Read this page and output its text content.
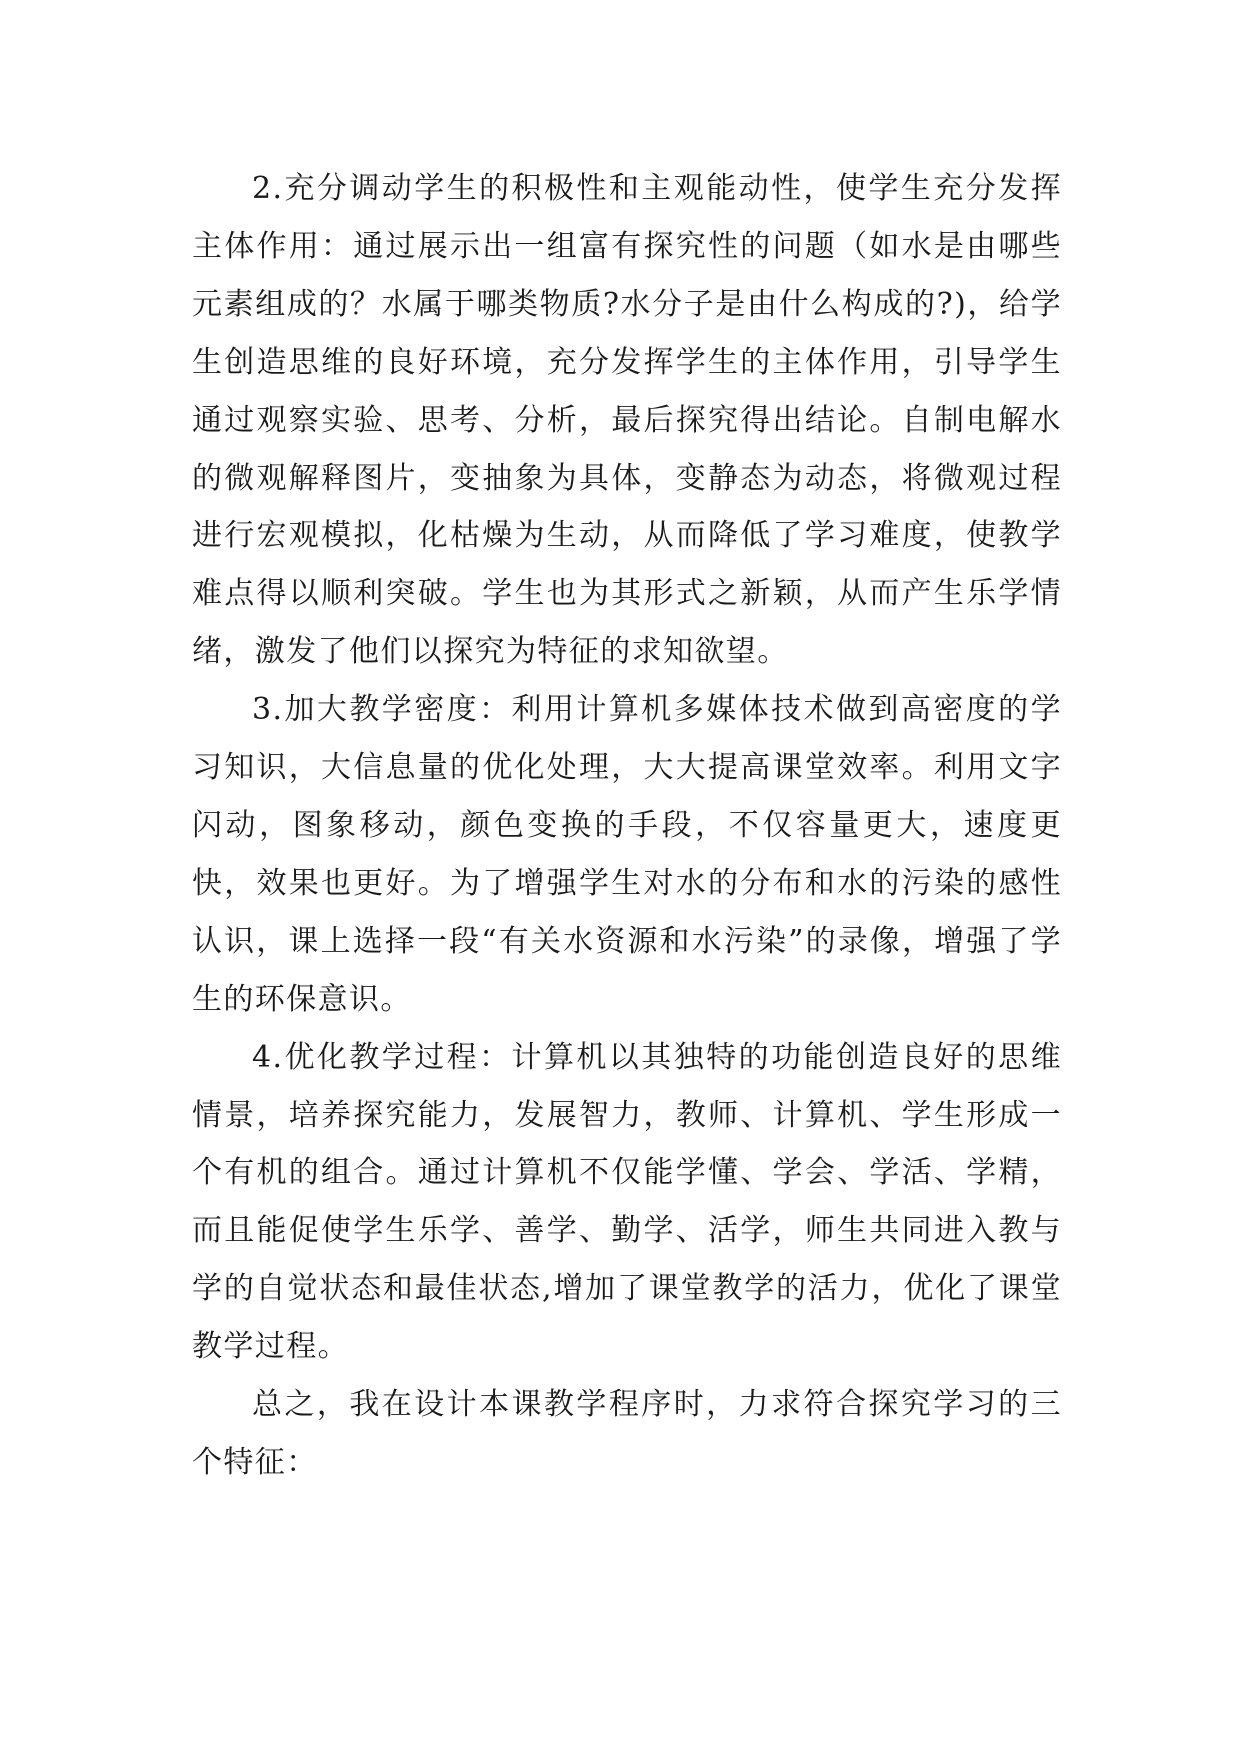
2.充分调动学生的积极性和主观能动性，使学生充分发挥主体作用：通过展示出一组富有探究性的问题（如水是由哪些元素组成的？水属于哪类物质?水分子是由什么构成的?)，给学生创造思维的良好环境，充分发挥学生的主体作用，引导学生通过观察实验、思考、分析，最后探究得出结论。自制电解水的微观解释图片，变抽象为具体，变静态为动态，将微观过程进行宏观模拟，化枯燥为生动，从而降低了学习难度，使教学难点得以顺利突破。学生也为其形式之新颖，从而产生乐学情绪，激发了他们以探究为特征的求知欲望。

3.加大教学密度：利用计算机多媒体技术做到高密度的学习知识，大信息量的优化处理，大大提高课堂效率。利用文字闪动，图象移动，颜色变换的手段，不仅容量更大，速度更快，效果也更好。为了增强学生对水的分布和水的污染的感性认识，课上选择一段“有关水资源和水污染”的录像，增强了学生的环保意识。

4.优化教学过程：计算机以其独特的功能创造良好的思维情景，培养探究能力，发展智力，教师、计算机、学生形成一个有机的组合。通过计算机不仅能学懂、学会、学活、学精，而且能促使学生乐学、善学、勤学、活学，师生共同进入教与学的自觉状态和最佳状态,增加了课堂教学的活力，优化了课堂教学过程。

总之，我在设计本课教学程序时，力求符合探究学习的三个特征：
